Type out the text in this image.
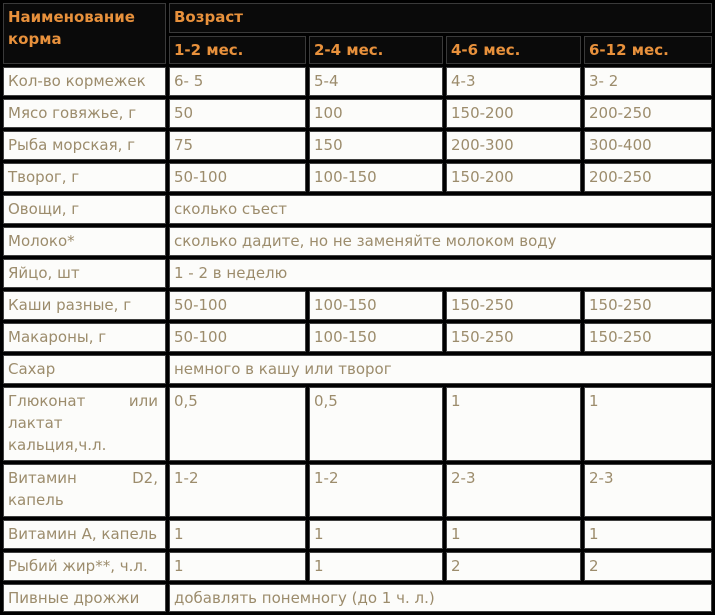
Наименование корма	Возраст			
	1-2 мес.	2-4 мес.	4-6 мес.	6-12 мес.
Кол-во кормежек	6- 5	5-4	4-3	3- 2
Мясо говяжье, г	50	100	150-200	200-250
Рыба морская, г	75	150	200-300	300-400
Творог, г	50-100	100-150	150-200	200-250
Овощи, г	сколько съест			
Молоко*	сколько дадите, но не заменяйте молоком воду			
Яйцо, шт	1 - 2 в неделю			
Каши разные, г	50-100	100-150	150-250	150-250
Макароны, г	50-100	100-150	150-250	150-250
Сахар	немного в кашу или творог			
Глюконат или лактат кальция,ч.л.	0,5	0,5	1	1
Витамин D2, капель	1-2	1-2	2-3	2-3
Витамин А, капель	1	1	1	1
Рыбий жир**, ч.л.	1	1	2	2
Пивные дрожжи	добавлять понемногу (до 1 ч. л.)			
